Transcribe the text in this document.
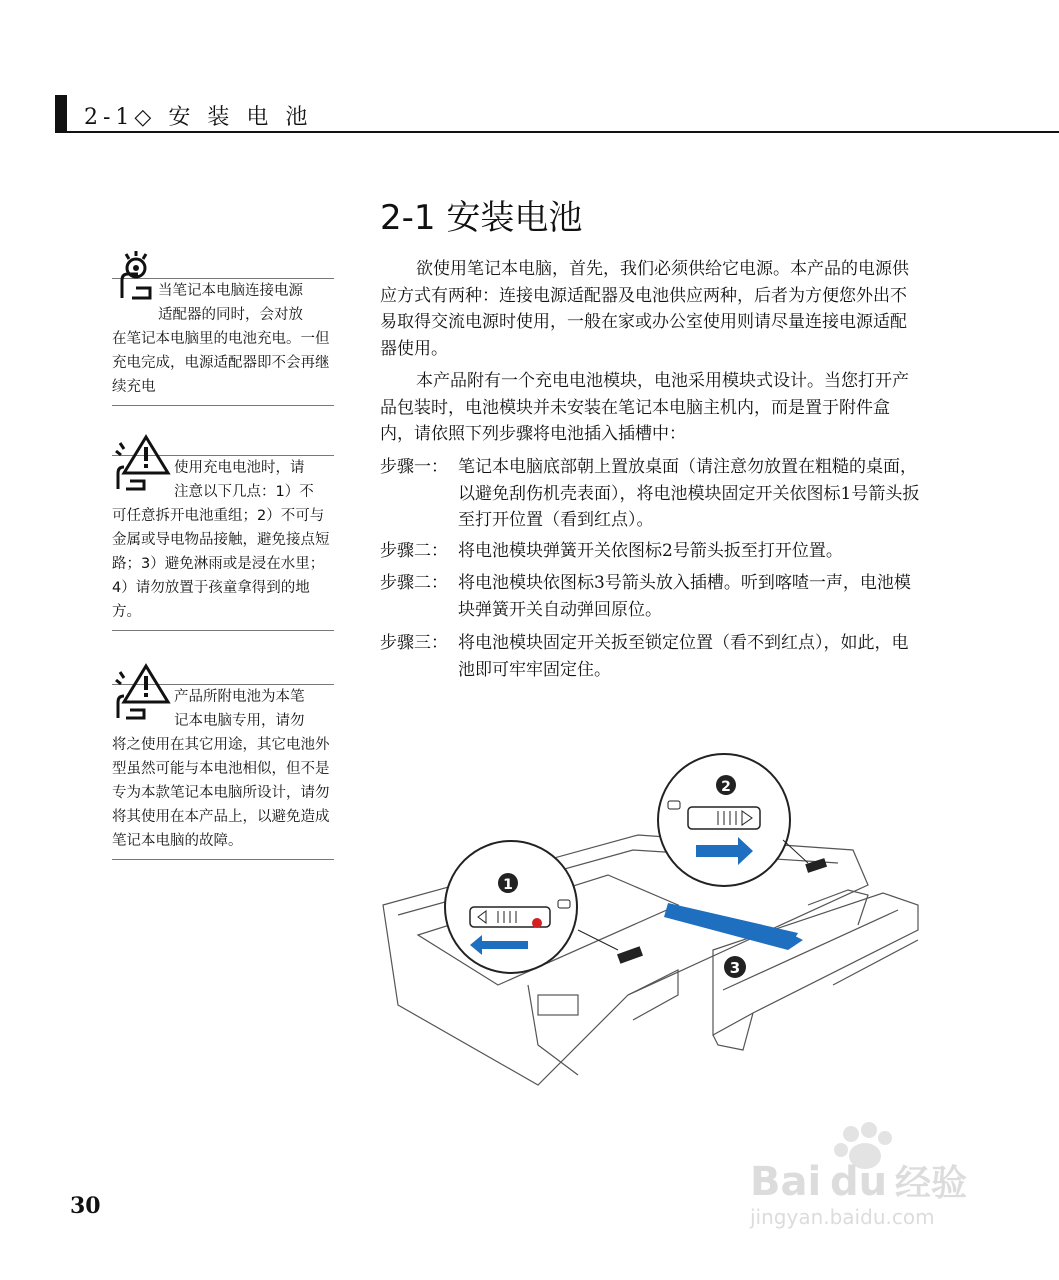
2-1◇ 安 装 电 池
2-1 安装电池

欲使用笔记本电脑，首先，我们必须供给它电源。本产品的电源供应方式有两种：连接电源适配器及电池供应两种，后者为方便您外出不易取得交流电源时使用，一般在家或办公室使用则请尽量连接电源适配器使用。

本产品附有一个充电电池模块，电池采用模块式设计。当您打开产品包装时，电池模块并未安装在笔记本电脑主机内，而是置于附件盒内，请依照下列步骤将电池插入插槽中：

步骤一： 笔记本电脑底部朝上置放桌面（请注意勿放置在粗糙的桌面，以避免刮伤机壳表面），将电池模块固定开关依图标1号箭头扳至打开位置（看到红点）。
步骤二： 将电池模块弹簧开关依图标2号箭头扳至打开位置。
步骤二： 将电池模块依图标3号箭头放入插槽。听到喀喳一声，电池模块弹簧开关自动弹回原位。
步骤三： 将电池模块固定开关扳至锁定位置（看不到红点），如此，电池即可牢牢固定住。
当笔记本电脑连接电源
适配器的同时，会对放
在笔记本电脑里的电池充电。一但充电完成，电源适配器即不会再继续充电
使用充电电池时，请
注意以下几点：1）不
可任意拆开电池重组；2）不可与金属或导电物品接触，避免接点短路；3）避免淋雨或是浸在水里；4）请勿放置于孩童拿得到的地方。
产品所附电池为本笔
记本电脑专用，请勿
将之使用在其它用途，其它电池外型虽然可能与本电池相似，但不是专为本款笔记本电脑所设计，请勿将其使用在本产品上，以避免造成笔记本电脑的故障。
3
1
2
30
Bai du 经验
jingyan.baidu.com
